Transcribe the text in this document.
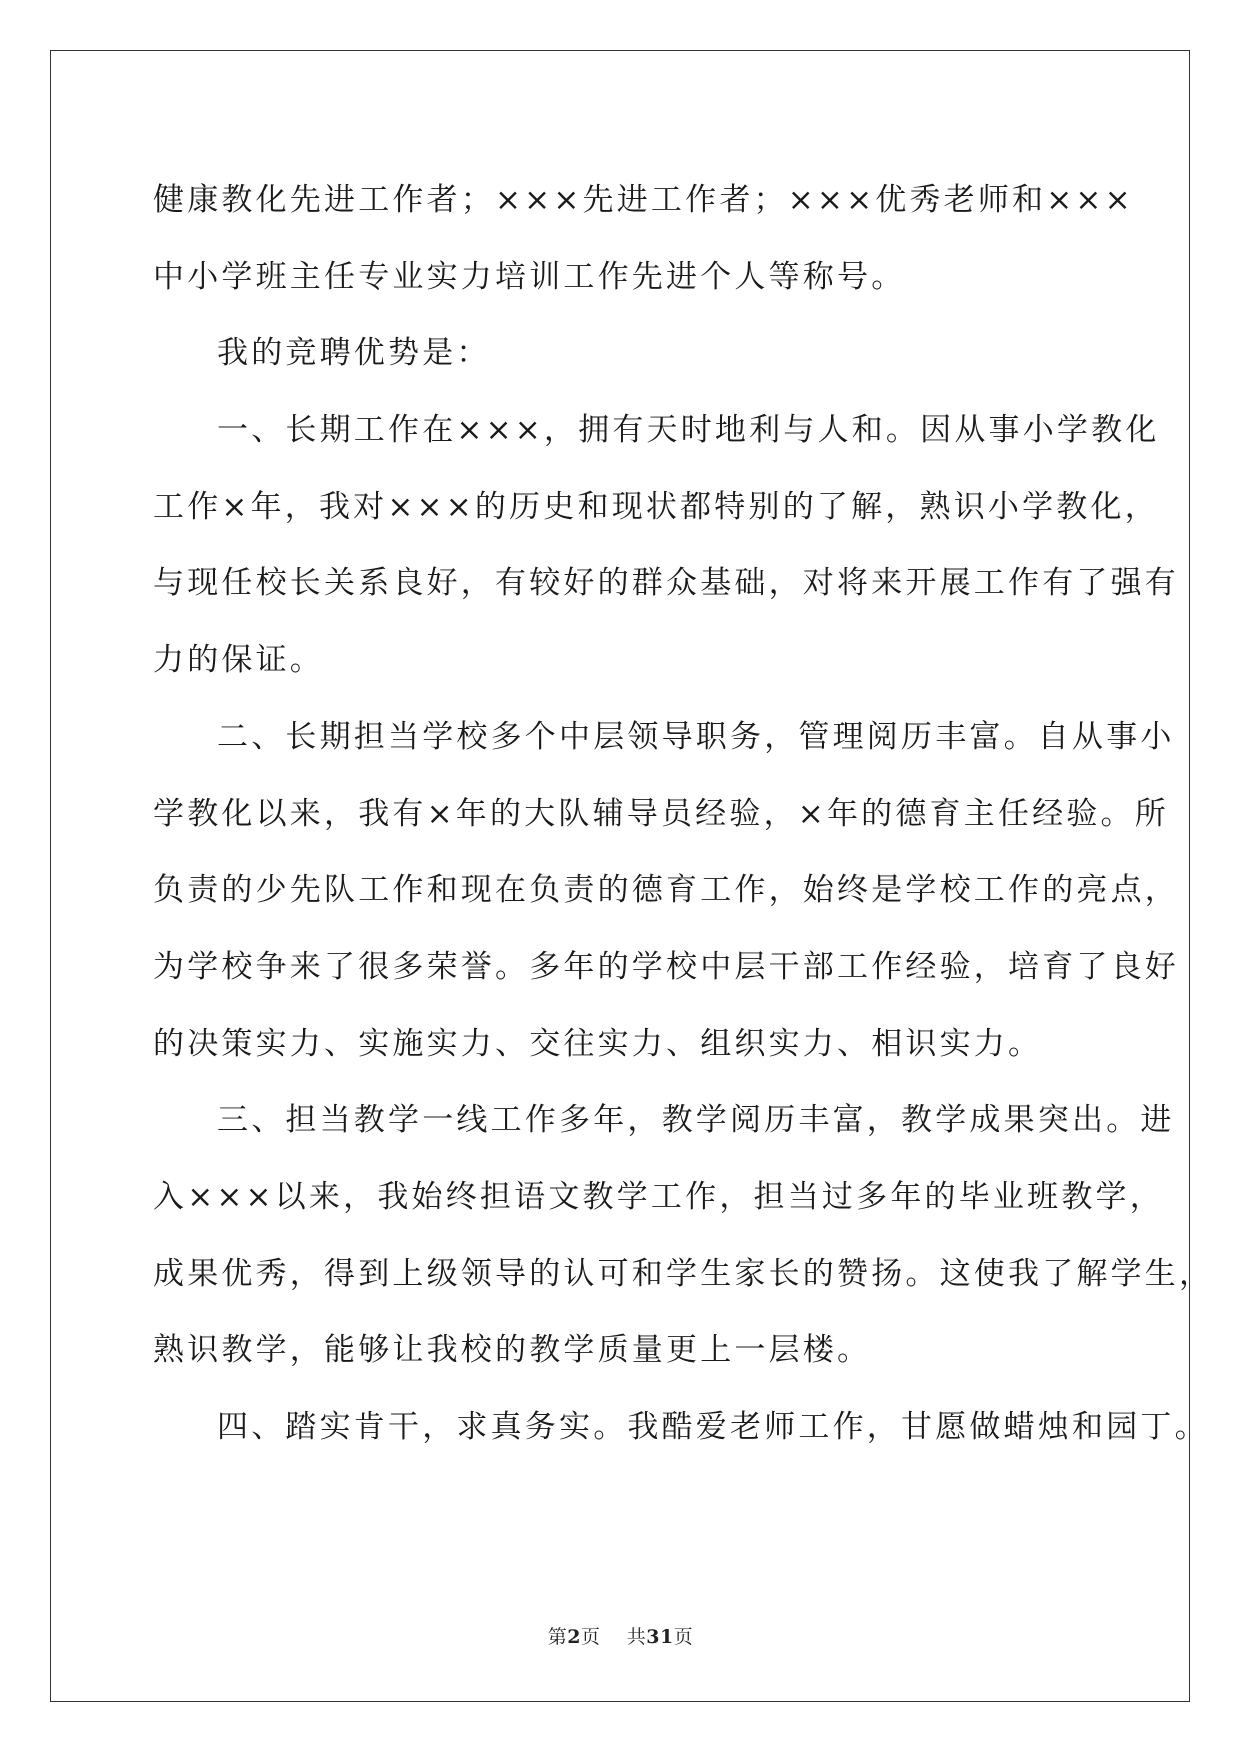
健康教化先进工作者；×××先进工作者；×××优秀老师和×××
中小学班主任专业实力培训工作先进个人等称号。
我的竞聘优势是：
一、长期工作在×××，拥有天时地利与人和。因从事小学教化
工作×年，我对×××的历史和现状都特别的了解，熟识小学教化，
与现任校长关系良好，有较好的群众基础，对将来开展工作有了强有
力的保证。
二、长期担当学校多个中层领导职务，管理阅历丰富。自从事小
学教化以来，我有×年的大队辅导员经验，×年的德育主任经验。所
负责的少先队工作和现在负责的德育工作，始终是学校工作的亮点，
为学校争来了很多荣誉。多年的学校中层干部工作经验，培育了良好
的决策实力、实施实力、交往实力、组织实力、相识实力。
三、担当教学一线工作多年，教学阅历丰富，教学成果突出。进
入×××以来，我始终担语文教学工作，担当过多年的毕业班教学，
成果优秀，得到上级领导的认可和学生家长的赞扬。这使我了解学生，
熟识教学，能够让我校的教学质量更上一层楼。
四、踏实肯干，求真务实。我酷爱老师工作，甘愿做蜡烛和园丁。
第2页 共31页
